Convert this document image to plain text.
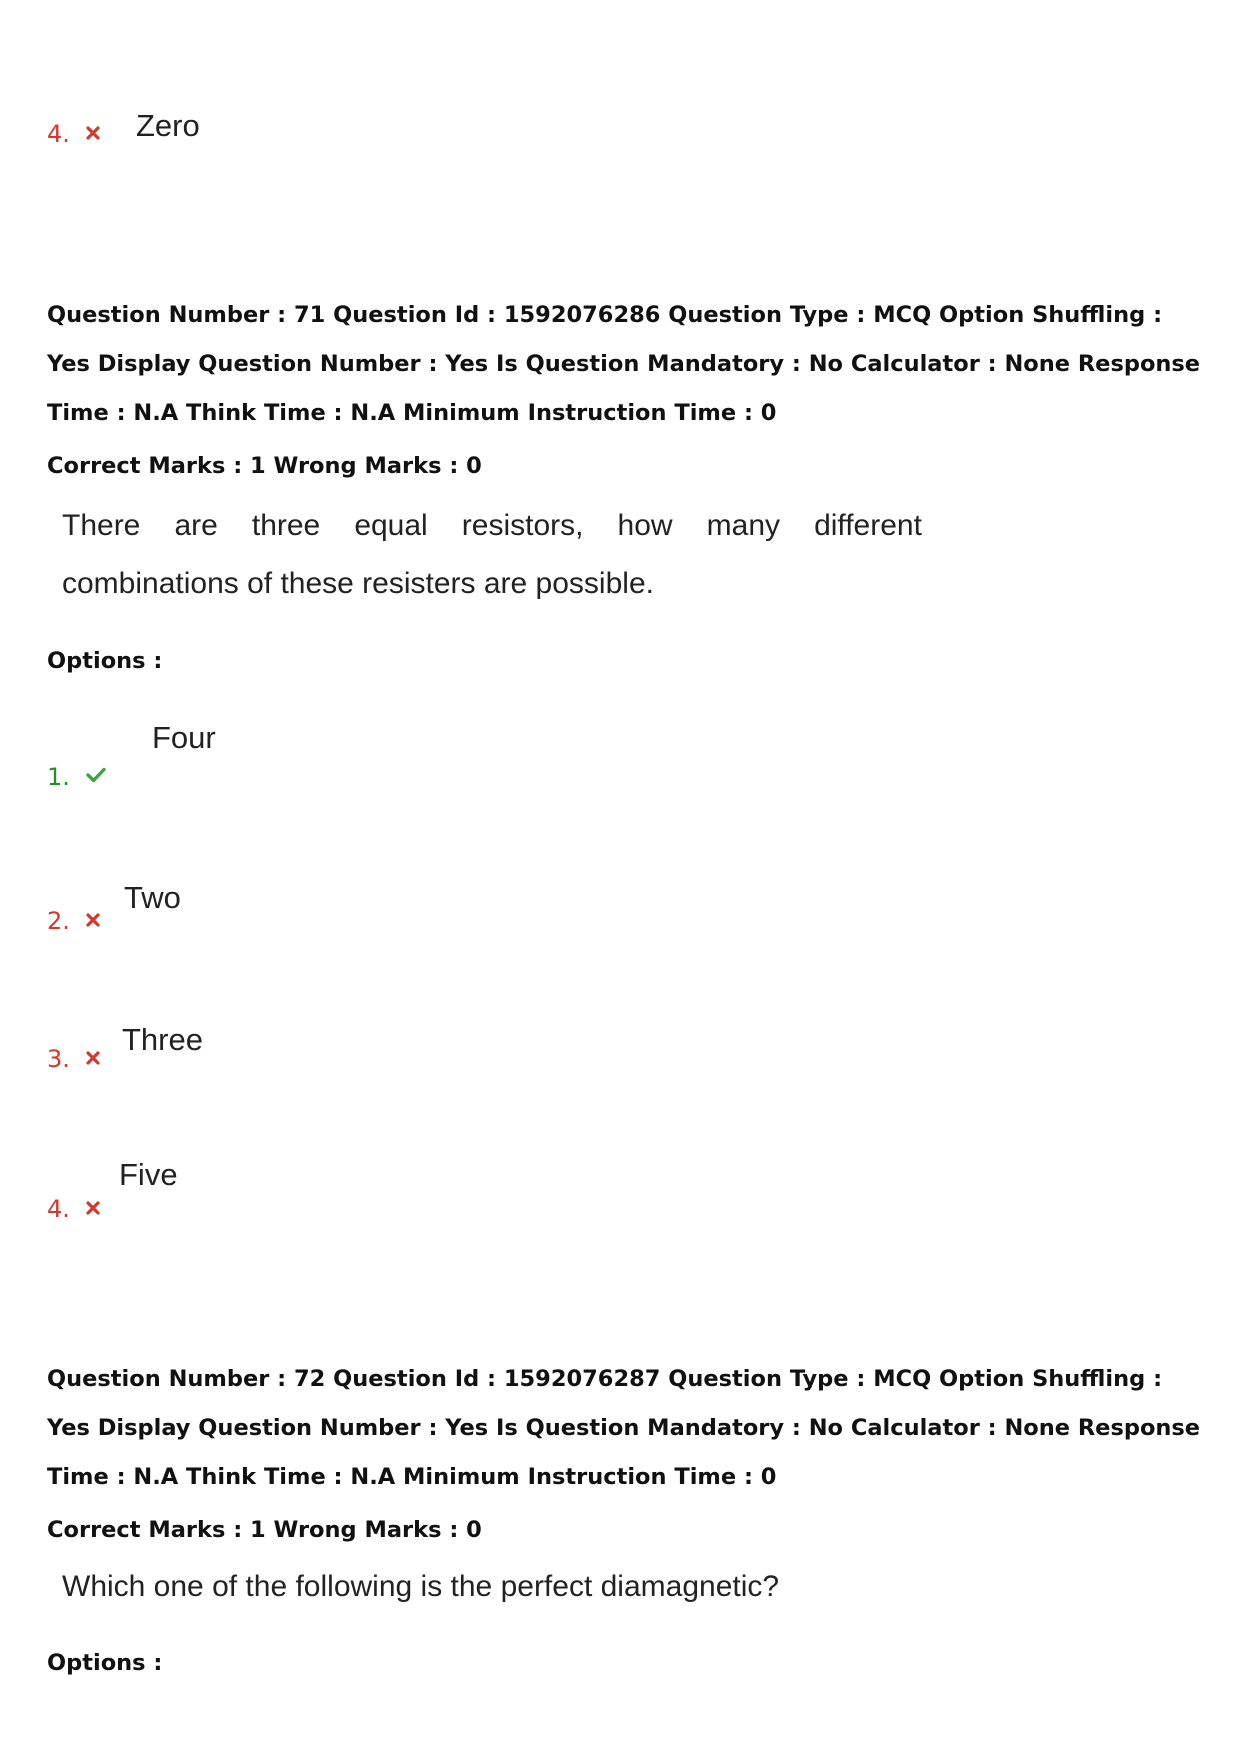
4.	Zero
Question Number : 71 Question Id : 1592076286 Question Type : MCQ Option Shuffling : Yes Display Question Number : Yes Is Question Mandatory : No Calculator : None Response Time : N.A Think Time : N.A Minimum Instruction Time : 0
Correct Marks : 1 Wrong Marks : 0
There are three equal resistors, how many different
combinations of these resisters are possible.
Options :
1.
Four
2.
Two
3.
Three
4.
Five
Question Number : 72 Question Id : 1592076287 Question Type : MCQ Option Shuffling : Yes Display Question Number : Yes Is Question Mandatory : No Calculator : None Response Time : N.A Think Time : N.A Minimum Instruction Time : 0
Correct Marks : 1 Wrong Marks : 0
Which one of the following is the perfect diamagnetic?
Options :
